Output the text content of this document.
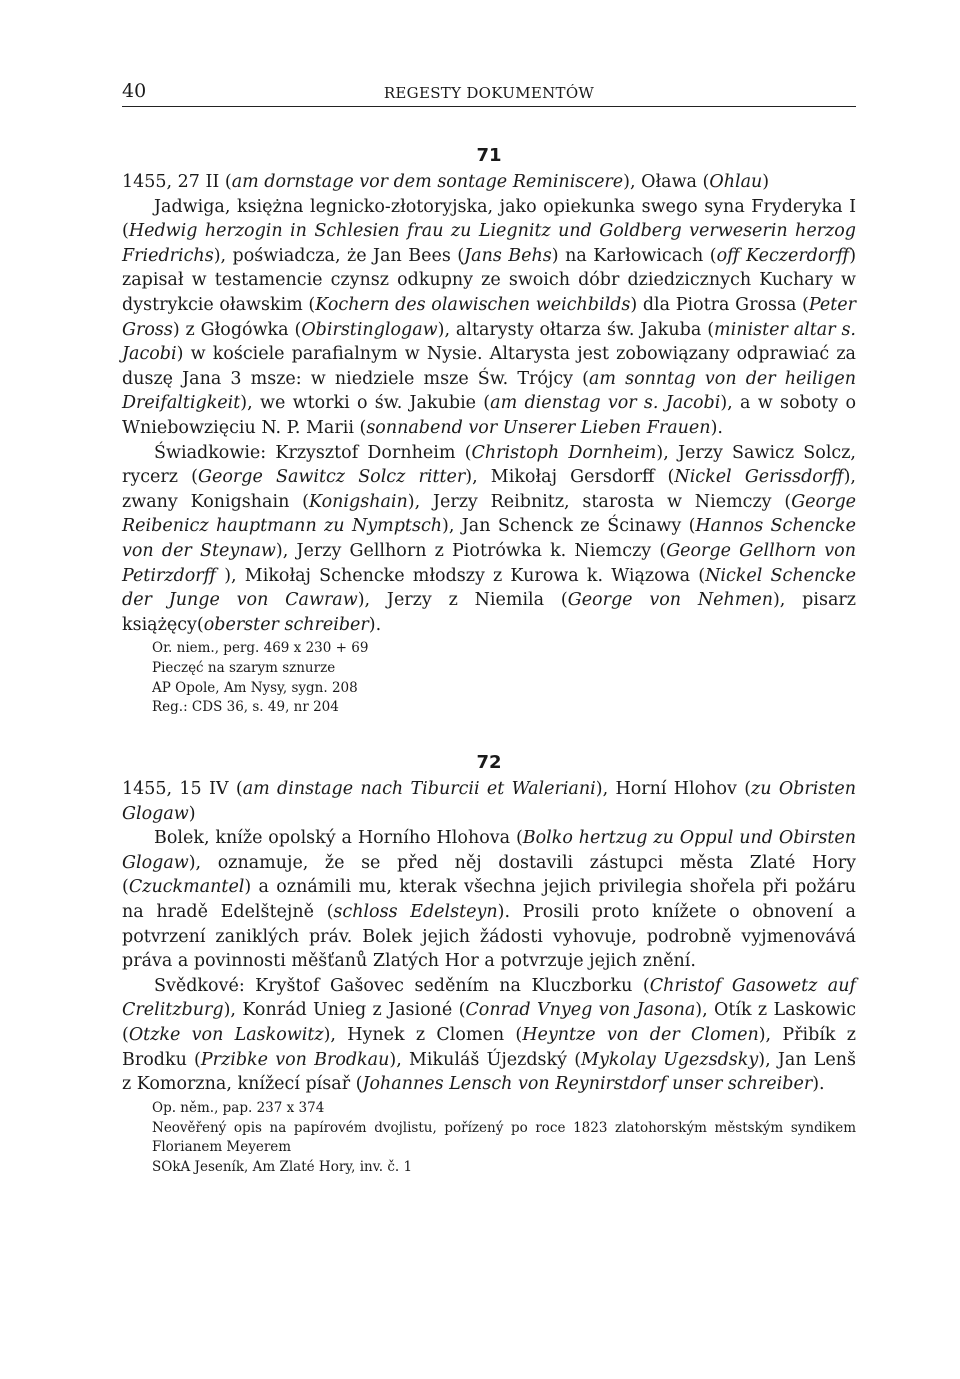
40	REGESTY DOKUMENTÓW
71

1455, 27 II (am dornstage vor dem sontage Reminiscere), Oława (Ohlau)

Jadwiga, księżna legnicko-złotoryjska, jako opiekunka swego syna Fryderyka I (Hedwig herzogin in Schlesien frau zu Liegnitz und Goldberg verweserin herzog Friedrichs), poświadcza, że Jan Bees (Jans Behs) na Karłowicach (off Keczerdorff) zapisał w testamencie czynsz odkupny ze swoich dóbr dziedzicznych Kuchary w dystrykcie oławskim (Kochern des olawischen weichbilds) dla Piotra Grossa (Peter Gross) z Głogówka (Obirstinglogaw), altarysty ołtarza św. Jakuba (minister altar s. Jacobi) w kościele parafialnym w Nysie. Altarysta jest zobowiązany odprawiać za duszę Jana 3 msze: w niedziele msze Św. Trójcy (am sonntag von der heiligen Dreifaltigkeit), we wtorki o św. Jakubie (am dienstag vor s. Jacobi), a w soboty o Wniebowzięciu N. P. Marii (sonnabend vor Unserer Lieben Frauen).

Świadkowie: Krzysztof Dornheim (Christoph Dornheim), Jerzy Sawicz Solcz, rycerz (George Sawitcz Solcz ritter), Mikołaj Gersdorff (Nickel Gerissdorff), zwany Konigshain (Konigshain), Jerzy Reibnitz, starosta w Niemczy (George Reibenicz hauptmann zu Nymptsch), Jan Schenck ze Ścinawy (Hannos Schencke von der Steynaw), Jerzy Gellhorn z Piotrówka k. Niemczy (George Gellhorn von Petirzdorff ), Mikołaj Schencke młodszy z Kurowa k. Wiązowa (Nickel Schencke der Junge von Cawraw), Jerzy z Niemila (George von Nehmen), pisarz książęcy(oberster schreiber).

Or. niem., perg. 469 x 230 + 69

Pieczęć na szarym sznurze

AP Opole, Am Nysy, sygn. 208

Reg.: CDS 36, s. 49, nr 204

72

1455, 15 IV (am dinstage nach Tiburcii et Waleriani), Horní Hlohov (zu Obristen Glogaw)

Bolek, kníže opolský a Horního Hlohova (Bolko hertzug zu Oppul und Obirsten Glogaw), oznamuje, že se před něj dostavili zástupci města Zlaté Hory (Czuckmantel) a oznámili mu, kterak všechna jejich privilegia shořela při požáru na hradě Edelštejně (schloss Edelsteyn). Prosili proto knížete o obnovení a potvrzení zaniklých práv. Bolek jejich žádosti vyhovuje, podrobně vyjmenovává práva a povinnosti měšťanů Zlatých Hor a potvrzuje jejich znění.

Svědkové: Kryštof Gašovec seděním na Kluczborku (Christof Gasowetz auf Crelitzburg), Konrád Unieg z Jasioné (Conrad Vnyeg von Jasona), Otík z Laskowic (Otzke von Laskowitz), Hynek z Clomen (Heyntze von der Clomen), Přibík z Brodku (Przibke von Brodkau), Mikuláš Újezdský (Mykolay Ugezsdsky), Jan Lenš z Komorzna, knížecí písař (Johannes Lensch von Reynirstdorf unser schreiber).

Op. něm., pap. 237 x 374

Neověřený opis na papírovém dvojlistu, pořízený po roce 1823 zlatohorským městským syndikem Florianem Meyerem

SOkA Jeseník, Am Zlaté Hory, inv. č. 1
